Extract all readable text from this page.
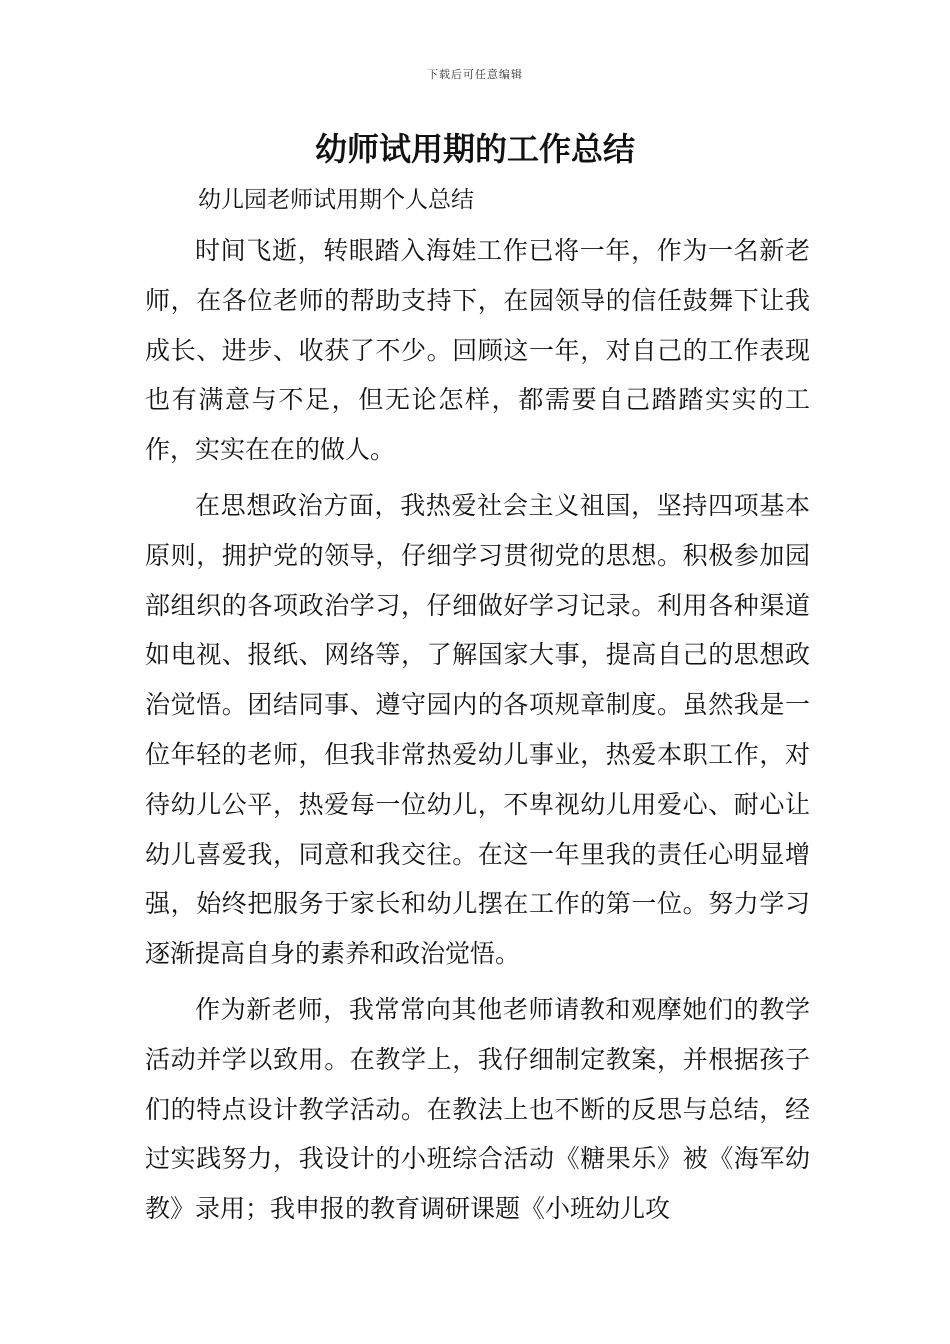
下载后可任意编辑
幼师试用期的工作总结

幼儿园老师试用期个人总结

时间飞逝，转眼踏入海娃工作已将一年，作为一名新老师，在各位老师的帮助支持下，在园领导的信任鼓舞下让我成长、进步、收获了不少。回顾这一年，对自己的工作表现也有满意与不足，但无论怎样，都需要自己踏踏实实的工作，实实在在的做人。

在思想政治方面，我热爱社会主义祖国，坚持四项基本原则，拥护党的领导，仔细学习贯彻党的思想。积极参加园部组织的各项政治学习，仔细做好学习记录。利用各种渠道如电视、报纸、网络等，了解国家大事，提高自己的思想政治觉悟。团结同事、遵守园内的各项规章制度。虽然我是一位年轻的老师，但我非常热爱幼儿事业，热爱本职工作，对待幼儿公平，热爱每一位幼儿，不卑视幼儿用爱心、耐心让幼儿喜爱我，同意和我交往。在这一年里我的责任心明显增强，始终把服务于家长和幼儿摆在工作的第一位。努力学习逐渐提高自身的素养和政治觉悟。

作为新老师，我常常向其他老师请教和观摩她们的教学活动并学以致用。在教学上，我仔细制定教案，并根据孩子们的特点设计教学活动。在教法上也不断的反思与总结，经过实践努力，我设计的小班综合活动《糖果乐》被《海军幼教》录用；我申报的教育调研课题《小班幼儿攻
